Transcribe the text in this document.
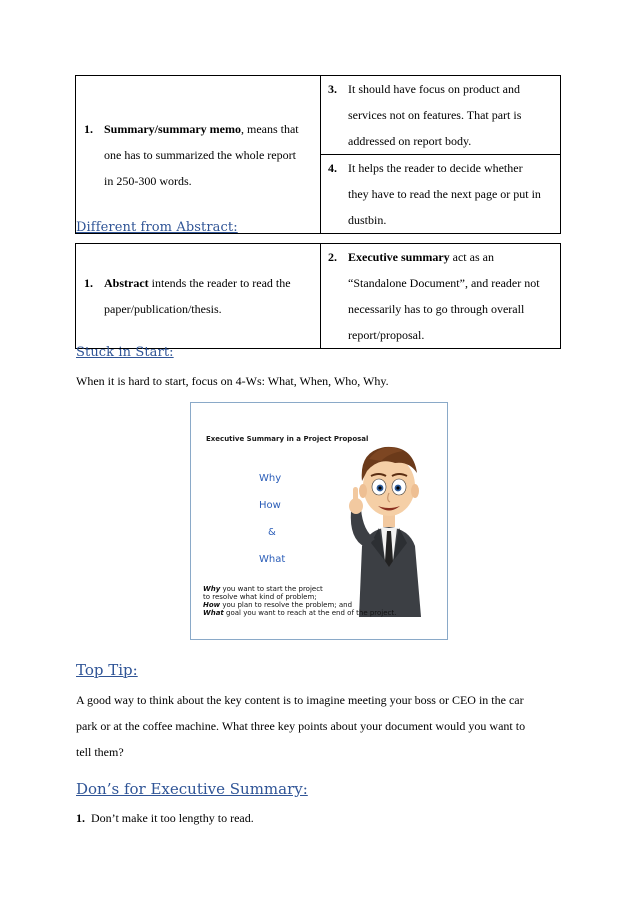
1. Summary/summary memo, means that
one has to summarized the whole report
in 250-300 words.

3. It should have focus on product and
services not on features. That part is
addressed on report body.

4. It helps the reader to decide whether
they have to read the next page or put in
dustbin.
Different from Abstract:
1. Abstract intends the reader to read the
paper/publication/thesis.

2. Executive summary act as an
“Standalone Document”, and reader not
necessarily has to go through overall
report/proposal.
Stuck in Start:
When it is hard to start, focus on 4-Ws: What, When, Who, Why.
Executive Summary in a Project Proposal
Why
How
&
What
Why you want to start the project
to resolve what kind of problem;
How you plan to resolve the problem; and
What goal you want to reach at the end of the project.
Top Tip:
A good way to think about the key content is to imagine meeting your boss or CEO in the car
park or at the coffee machine. What three key points about your document would you want to
tell them?
Don’s for Executive Summary:
1. Don’t make it too lengthy to read.
